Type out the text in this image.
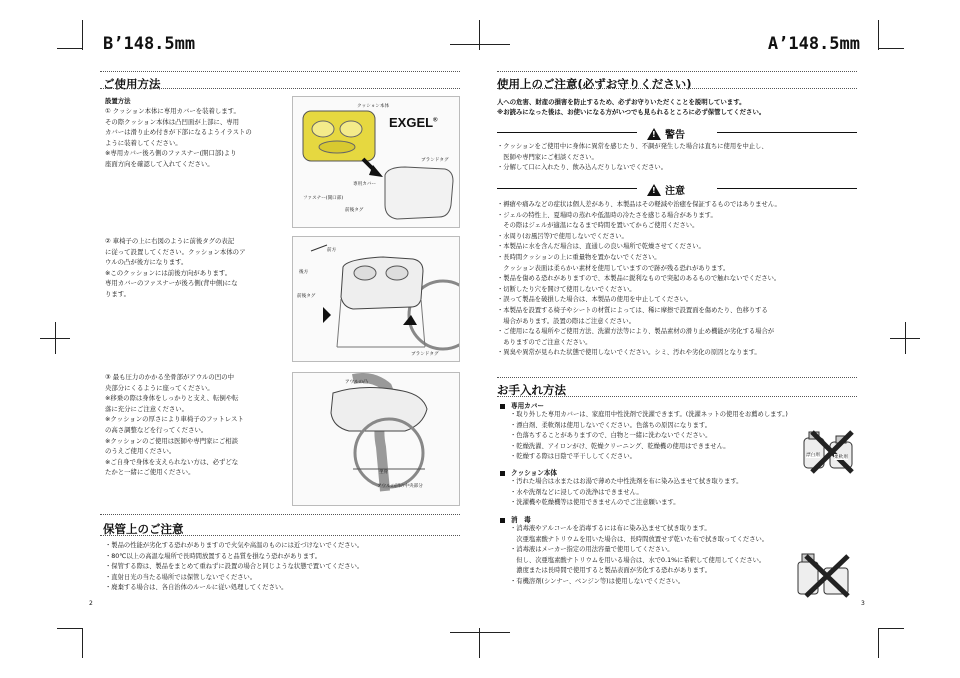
B’148.5mm	A’148.5mm
ご使用方法
設置方法
① クッション本体に専用カバーを装着します。
その際クッション本体は凸凹面が上部に、専用
カバーは滑り止め付きが下部になるようイラストの
ように装着してください。
※専用カバー後ろ側のファスナー(開口部)より
座面方向を確認して入れてください。
② 車椅子の上に右図のように前後タグの表記
に従って設置してください。クッション本体のア
ウルの凸が後方になります。
※このクッションには前後方向があります。
専用カバーのファスナーが後ろ側(背中側)にな
ります。
③ 最も圧力のかかる坐骨部がアウルの凹の中
央部分にくるように座ってください。
※移乗の際は身体をしっかりと支え、転倒や転
落に充分にご注意ください。
※クッションの厚さにより車椅子のフットレスト
の高さ調整などを行ってください。
※クッションのご使用は医師や専門家にご相談
のうえご使用ください。
※ご自身で身体を支えられない方は、必ずどな
たかと一緒にご使用ください。
クッション本体
EXGEL®
専用カバー
ファスナー(開口部)
前後タグ
ブランドタグ
前方
後方
前後タグ
ブランドタグ
アウルの凸
坐骨
アウルの凹の中央部分
保管上のご注意
・製品の性能が劣化する恐れがありますので火気や高温のものには近づけないでください。
・80℃以上の高温な場所で長時間放置すると品質を損なう恐れがあります。
・保管する際は、製品をまとめて重ねずに設置の場合と同じような状態で置いてください。
・直射日光の当たる場所では保管しないでください。
・廃棄する場合は、各自治体のルールに従い処理してください。
2
使用上のご注意(必ずお守りください)
人への危害、財産の損害を防止するため、必ずお守りいただくことを説明しています。
※お読みになった後は、お使いになる方がいつでも見られるところに必ず保管してください。
!
警告
・クッションをご使用中に身体に異常を感じたり、不調が発生した場合は直ちに使用を中止し、
　医師や専門家にご相談ください。
・分解して口に入れたり、飲み込んだりしないでください。
!
注意
・褥瘡や痛みなどの症状は個人差があり、本製品はその軽減や治癒を保証するものではありません。
・ジェルの特性上、夏場時の蒸れや低温時の冷たさを感じる場合があります。
　その際はジェルが適温になるまで時間を置いてからご使用ください。
・水周り(お風呂等)で使用しないでください。
・本製品に水を含んだ場合は、直通しの良い場所で乾燥させてください。
・長時間クッションの上に重量物を置かないでください。
　クッション表面は柔らかい素材を使用していますので跡が残る恐れがあります。
・製品を傷める恐れがありますので、本製品に鋭利なもので突起のあるもので触れないでください。
・切断したり穴を開けて使用しないでください。
・誤って製品を破損した場合は、本製品の使用を中止してください。
・本製品を設置する椅子やシートの材質によっては、稀に摩擦で設置面を傷めたり、色移りする
　場合があります。設置の際はご注意ください。
・ご使用になる場所やご使用方法、洗濯方法等により、製品素材の滑り止め機能が劣化する場合が
　ありますのでご注意ください。
・異臭や異常が見られた状態で使用しないでください。シミ、汚れや劣化の原因となります。
お手入れ方法
専用カバー
・取り外した専用カバーは、家庭用中性洗剤で洗濯できます。(洗濯ネットの使用をお薦めします。)
・漂白剤、柔軟剤は使用しないでください。色落ちの原因になります。
・色落ちすることがありますので、白物と一緒に洗わないでください。
・乾燥洗濯、アイロンがけ、乾燥クリーニング、乾燥機の使用はできません。
・乾燥する際は日陰で平干ししてください。
クッション本体
・汚れた場合は水またはお湯で薄めた中性洗剤を布に染み込ませて拭き取ります。
・水や洗剤などに浸しての洗浄はできません。
・洗濯機や乾燥機等は使用できませんのでご注意願います。
消　毒
・消毒液やアルコールを消毒するには布に染み込ませて拭き取ります。
　次亜塩素酸ナトリウムを用いた場合は、長時間放置せず乾いた布で拭き取ってください。
・消毒液はメーカー指定の用法容量で使用してください。
　但し、次亜塩素酸ナトリウムを用いる場合は、水で0.1%に希釈して使用してください。
　濃度または長時間で使用すると製品表面が劣化する恐れがあります。
・有機溶剤(シンナー、ベンジン等)は使用しないでください。
漂白剤	柔軟剤
3
